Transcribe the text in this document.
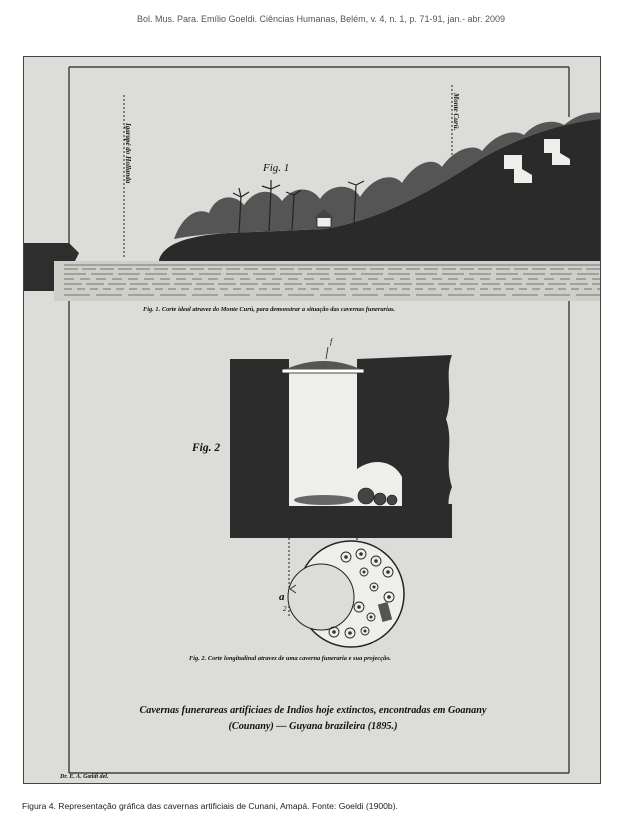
Bol. Mus. Para. Emílio Goeldi. Ciências Humanas, Belém, v. 4, n. 1, p. 71-91, jan.- abr. 2009
Igarapé do Hollanda
Monte Curú.
Fig. 1
Fig. 1. Corte ideal atravez do Monte Curú, para demonstrar a situação das cavernas funerarias.
Fig. 2
f
a
2
Fig. 2. Corte longitudinal atravez de uma caverna funeraria e sua projecção.
Cavernas funerareas artificiaes de Indios hoje extinctos, encontradas em Goanany
(Counany) — Guyana brazileira (1895.)
Dr. E. A. Gœldi del.
Figura 4. Representação gráfica das cavernas artificiais de Cunani, Amapá. Fonte: Goeldi (1900b).
